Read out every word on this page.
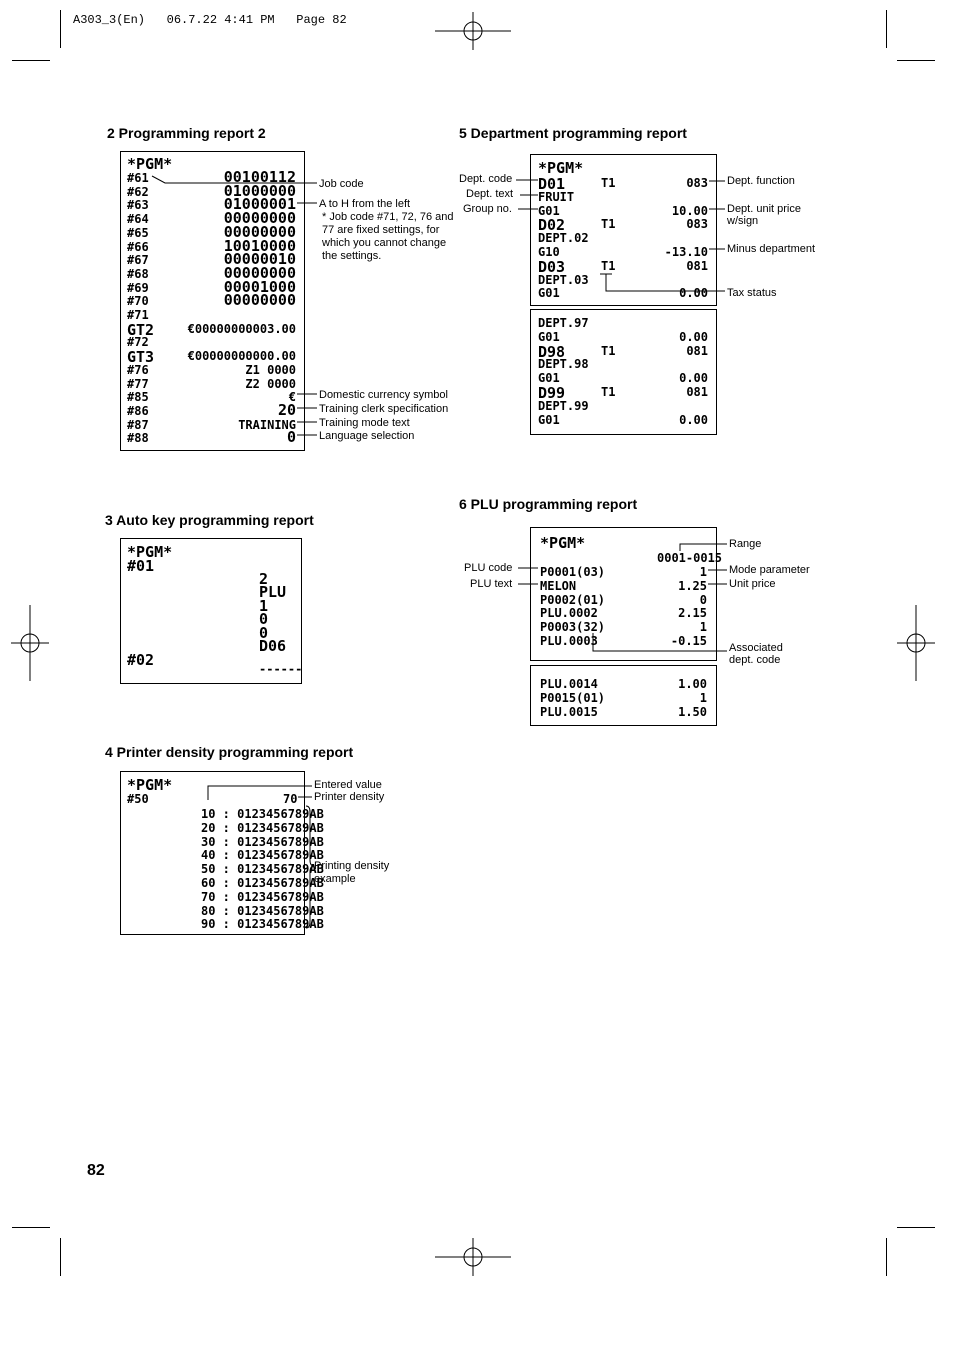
A303_3(En)   06.7.22 4:41 PM   Page 82
2 Programming report 2
*PGM*
#61	00100112
#62	01000000
#63	01000001
#64	00000000
#65	00000000
#66	10010000
#67	00000010
#68	00000000
#69	00001000
#70	00000000
#71
GT2	€00000000003.00
#72
GT3	€00000000000.00
#76	Z1 0000
#77	Z2 0000
#85	€
#86	20
#87	TRAINING
#88	0
Job code
A to H from the left
* Job code #71, 72, 76 and 77 are fixed settings, for which you cannot change the settings.
Domestic currency symbol
Training clerk specification
Training mode text
Language selection
3 Auto key programming report
*PGM*
#01
2
PLU
1
0
0
D06
#02	------
4 Printer density programming report
*PGM*
#50	70
10 : 0123456789AB
20 : 0123456789AB
30 : 0123456789AB
40 : 0123456789AB
50 : 0123456789AB
60 : 0123456789AB
70 : 0123456789AB
80 : 0123456789AB
90 : 0123456789AB
Entered value
Printer density
Printing density
example
5 Department programming report
*PGM*
D01	T1	083
FRUIT
G01	10.00
D02	T1	083
DEPT.02
G10	-13.10
D03	T1	081
DEPT.03
G01	0.00
DEPT.97
G01	0.00
D98	T1	081
DEPT.98
G01	0.00
D99	T1	081
DEPT.99
G01	0.00
Dept. code
Dept. text
Group no.
Dept. function
Dept. unit price
w/sign
Minus department
Tax status
6 PLU programming report
*PGM*
0001-0015
P0001(03)	1
MELON	1.25
P0002(01)	0
PLU.0002	2.15
P0003(32)	1
PLU.0003	-0.15
PLU.0014	1.00
P0015(01)	1
PLU.0015	1.50
Range
PLU code
PLU text
Mode parameter
Unit price
Associated
dept. code
82
